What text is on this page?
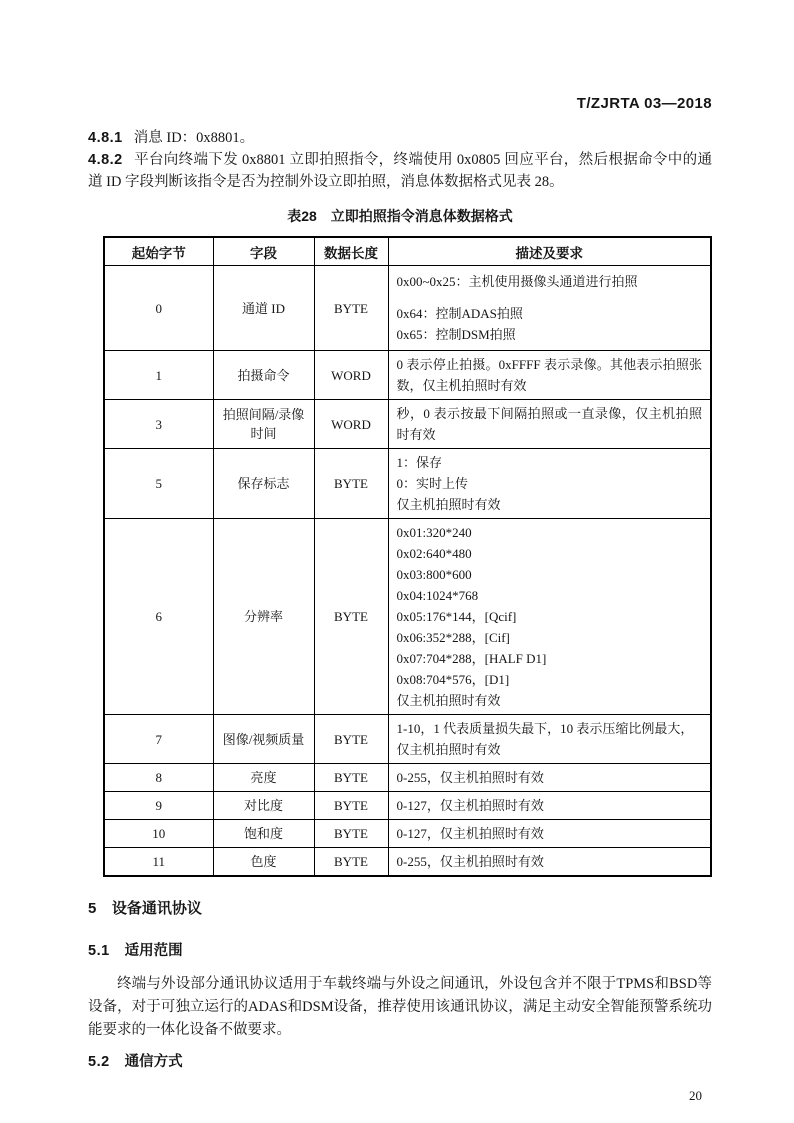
T/ZJRTA 03—2018

4.8.1 消息 ID：0x8801。

4.8.2 平台向终端下发 0x8801 立即拍照指令，终端使用 0x0805 回应平台，然后根据命令中的通道 ID 字段判断该指令是否为控制外设立即拍照，消息体数据格式见表 28。

表28　立即拍照指令消息体数据格式
起始字节	字段	数据长度	描述及要求
0	通道 ID	BYTE	0x00~0x25：主机使用摄像头通道进行拍照
0x64：控制ADAS拍照
0x65：控制DSM拍照

1	拍摄命令	WORD	0 表示停止拍摄。0xFFFF 表示录像。其他表示拍照张数，仅主机拍照时有效

3	拍照间隔/录像时间	WORD	秒，0 表示按最下间隔拍照或一直录像，仅主机拍照时有效

5	保存标志	BYTE	1：保存
0：实时上传
仅主机拍照时有效

6	分辨率	BYTE	
0x01:320*240
0x02:640*480
0x03:800*600
0x04:1024*768
0x05:176*144，[Qcif]
0x06:352*288，[Cif]
0x07:704*288，[HALF D1]
0x08:704*576，[D1]
仅主机拍照时有效

7	图像/视频质量	BYTE	1-10，1 代表质量损失最下，10 表示压缩比例最大，
仅主机拍照时有效

8	亮度	BYTE	0-255，仅主机拍照时有效

9	对比度	BYTE	0-127，仅主机拍照时有效

10	饱和度	BYTE	0-127，仅主机拍照时有效

11	色度	BYTE	0-255，仅主机拍照时有效
5 设备通讯协议
5.1 适用范围

终端与外设部分通讯协议适用于车载终端与外设之间通讯，外设包含并不限于TPMS和BSD等设备，对于可独立运行的ADAS和DSM设备，推荐使用该通讯协议，满足主动安全智能预警系统功能要求的一体化设备不做要求。

5.2 通信方式
20
